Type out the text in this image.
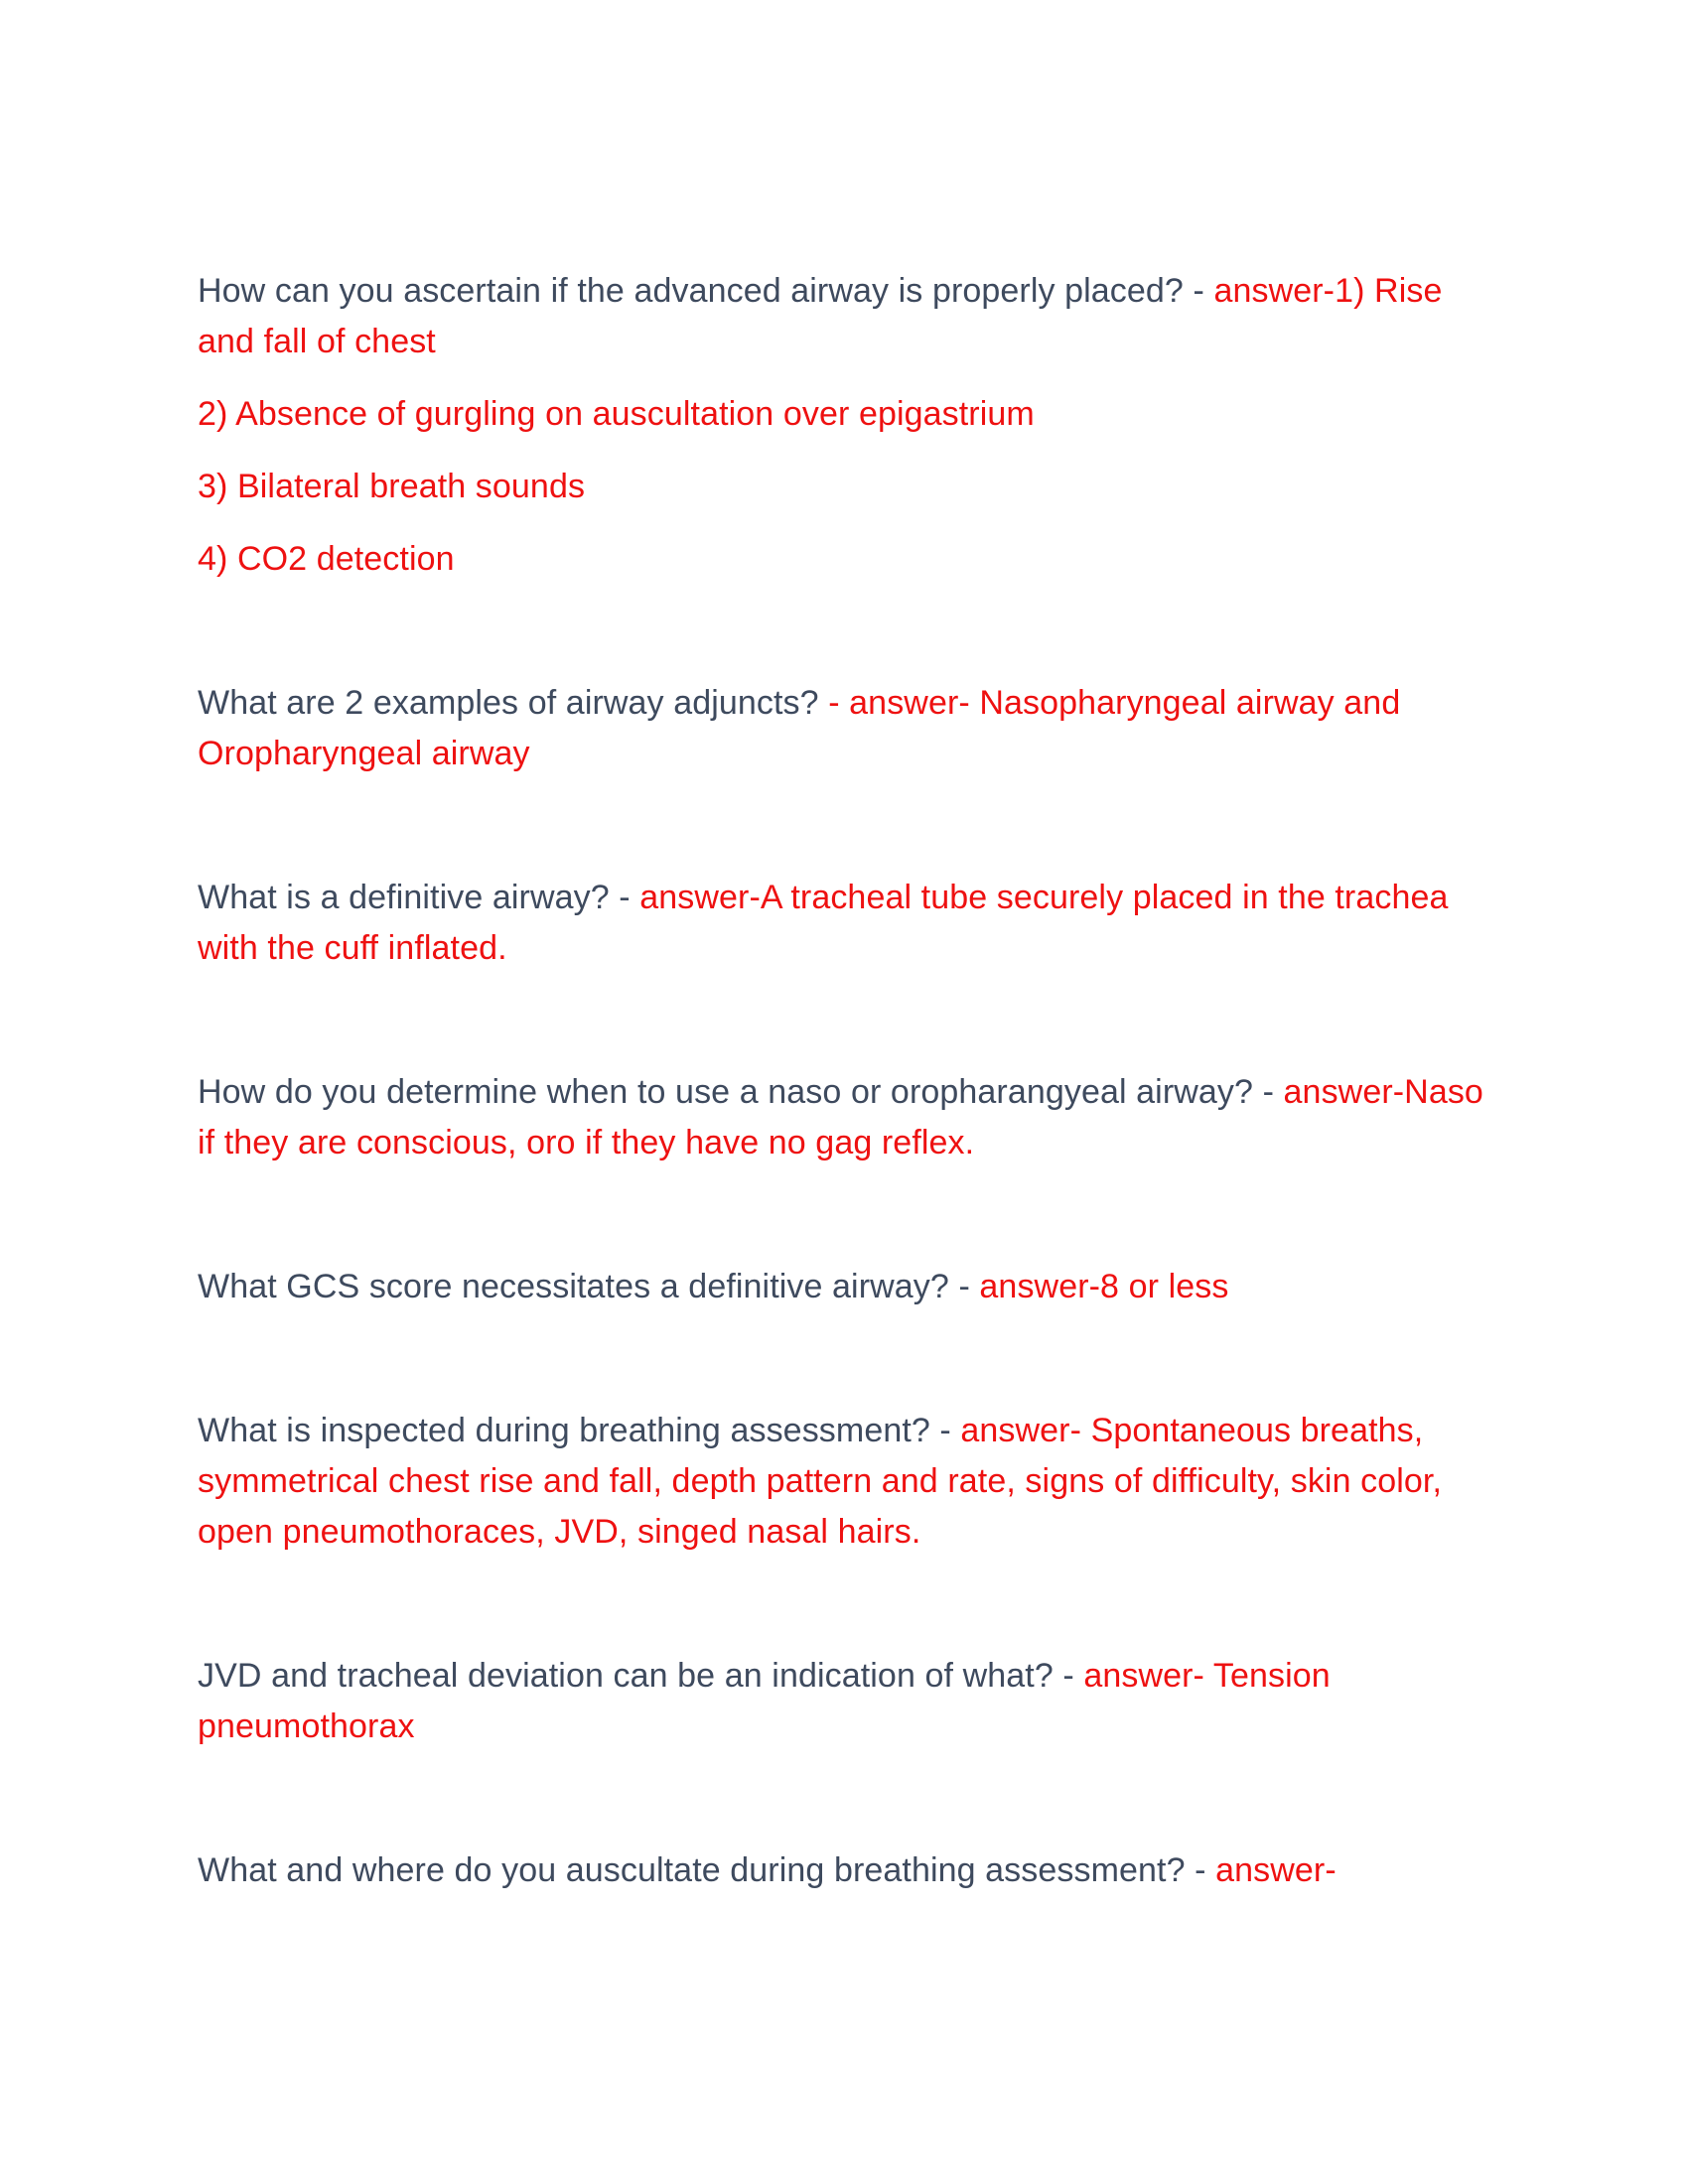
How can you ascertain if the advanced airway is properly placed? - answer-1) Rise and fall of chest

2) Absence of gurgling on auscultation over epigastrium

3) Bilateral breath sounds

4) CO2 detection

What are 2 examples of airway adjuncts? - answer- Nasopharyngeal airway and Oropharyngeal airway

What is a definitive airway? - answer-A tracheal tube securely placed in the trachea with the cuff inflated.

How do you determine when to use a naso or oropharangyeal airway? - answer-Naso if they are conscious, oro if they have no gag reflex.

What GCS score necessitates a definitive airway? - answer-8 or less

What is inspected during breathing assessment? - answer- Spontaneous breaths, symmetrical chest rise and fall, depth pattern and rate, signs of difficulty, skin color, open pneumothoraces, JVD, singed nasal hairs.

JVD and tracheal deviation can be an indication of what? - answer- Tension pneumothorax

What and where do you auscultate during breathing assessment? - answer-
